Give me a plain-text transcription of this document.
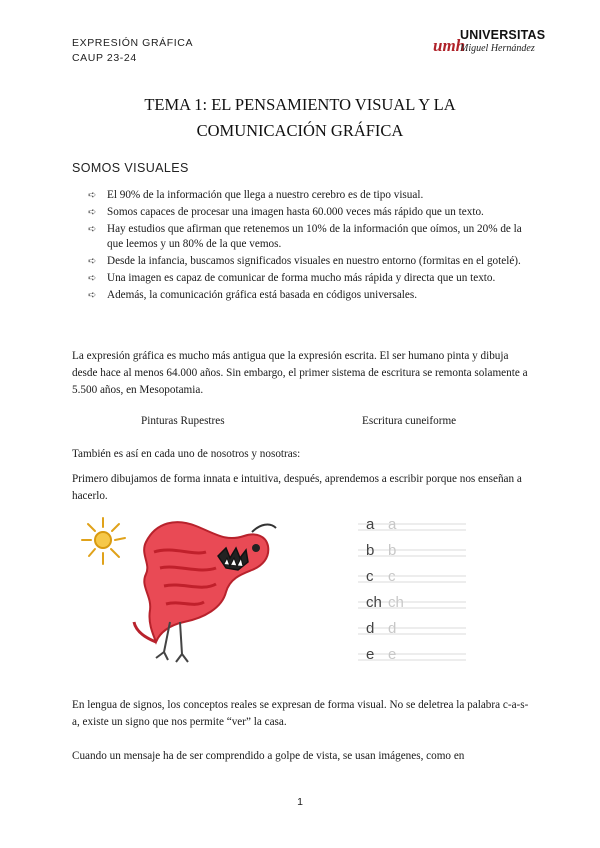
EXPRESIÓN GRÁFICA
CAUP 23-24
umh
UNIVERSITAS
Miguel Hernández
TEMA 1: EL PENSAMIENTO VISUAL Y LA
COMUNICACIÓN GRÁFICA
SOMOS VISUALES
➪ El 90% de la información que llega a nuestro cerebro es de tipo visual.
➪ Somos capaces de procesar una imagen hasta 60.000 veces más rápido que un texto.
➪ Hay estudios que afirman que retenemos un 10% de la información que oímos, un 20% de la que leemos y un 80% de la que vemos.
➪ Desde la infancia, buscamos significados visuales en nuestro entorno (formitas en el gotelé).
➪ Una imagen es capaz de comunicar de forma mucho más rápida y directa que un texto.
➪ Además, la comunicación gráfica está basada en códigos universales.

La expresión gráfica es mucho más antigua que la expresión escrita. El ser humano pinta y dibuja desde hace al menos 64.000 años. Sin embargo, el primer sistema de escritura se remonta solamente a 5.500 años, en Mesopotamia.

Pinturas Rupestres	Escritura cuneiforme

También es así en cada uno de nosotros y nosotras:

Primero dibujamos de forma innata e intuitiva, después, aprendemos a escribir porque nos enseñan a hacerlo.

a a
b b
c c
ch ch
d d
e e

En lengua de signos, los conceptos reales se expresan de forma visual. No se deletrea la palabra c-a-s-a, existe un signo que nos permite “ver” la casa.

Cuando un mensaje ha de ser comprendido a golpe de vista, se usan imágenes, como en

1
